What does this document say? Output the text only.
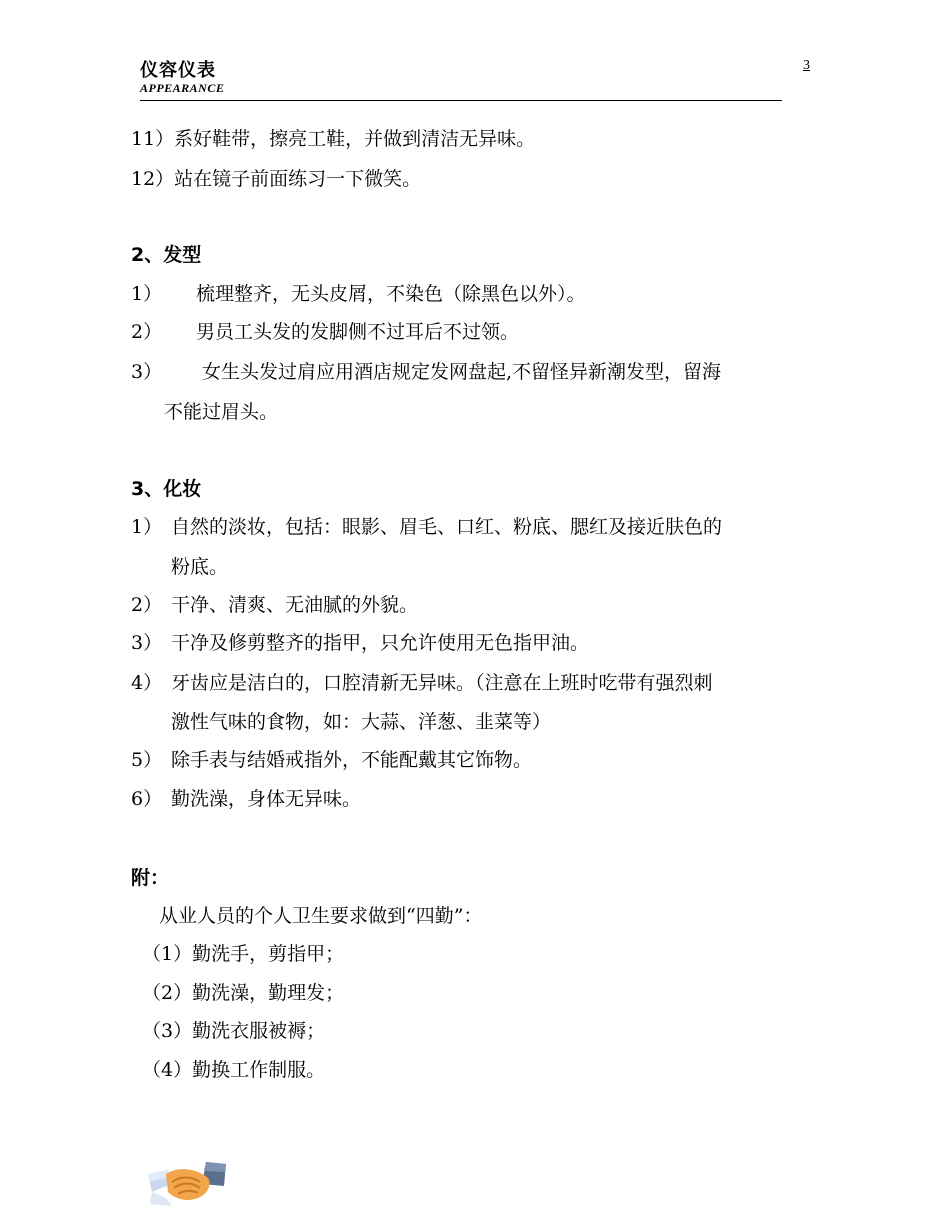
仪容仪表
APPEARANCE
3
11）系好鞋带，擦亮工鞋，并做到清洁无异味。
12）站在镜子前面练习一下微笑。
2、发型
1） 梳理整齐，无头皮屑，不染色（除黑色以外）。
2） 男员工头发的发脚侧不过耳后不过领。
3） 女生头发过肩应用酒店规定发网盘起,不留怪异新潮发型，留海
不能过眉头。
3、化妆
1） 自然的淡妆，包括：眼影、眉毛、口红、粉底、腮红及接近肤色的
粉底。
2） 干净、清爽、无油腻的外貌。
3） 干净及修剪整齐的指甲，只允许使用无色指甲油。
4） 牙齿应是洁白的，口腔清新无异味。（注意在上班时吃带有强烈刺
激性气味的食物，如：大蒜、洋葱、韭菜等）
5） 除手表与结婚戒指外，不能配戴其它饰物。
6） 勤洗澡，身体无异味。
附：
从业人员的个人卫生要求做到“四勤”：
（1）勤洗手，剪指甲；
（2）勤洗澡，勤理发；
（3）勤洗衣服被褥；
（4）勤换工作制服。
